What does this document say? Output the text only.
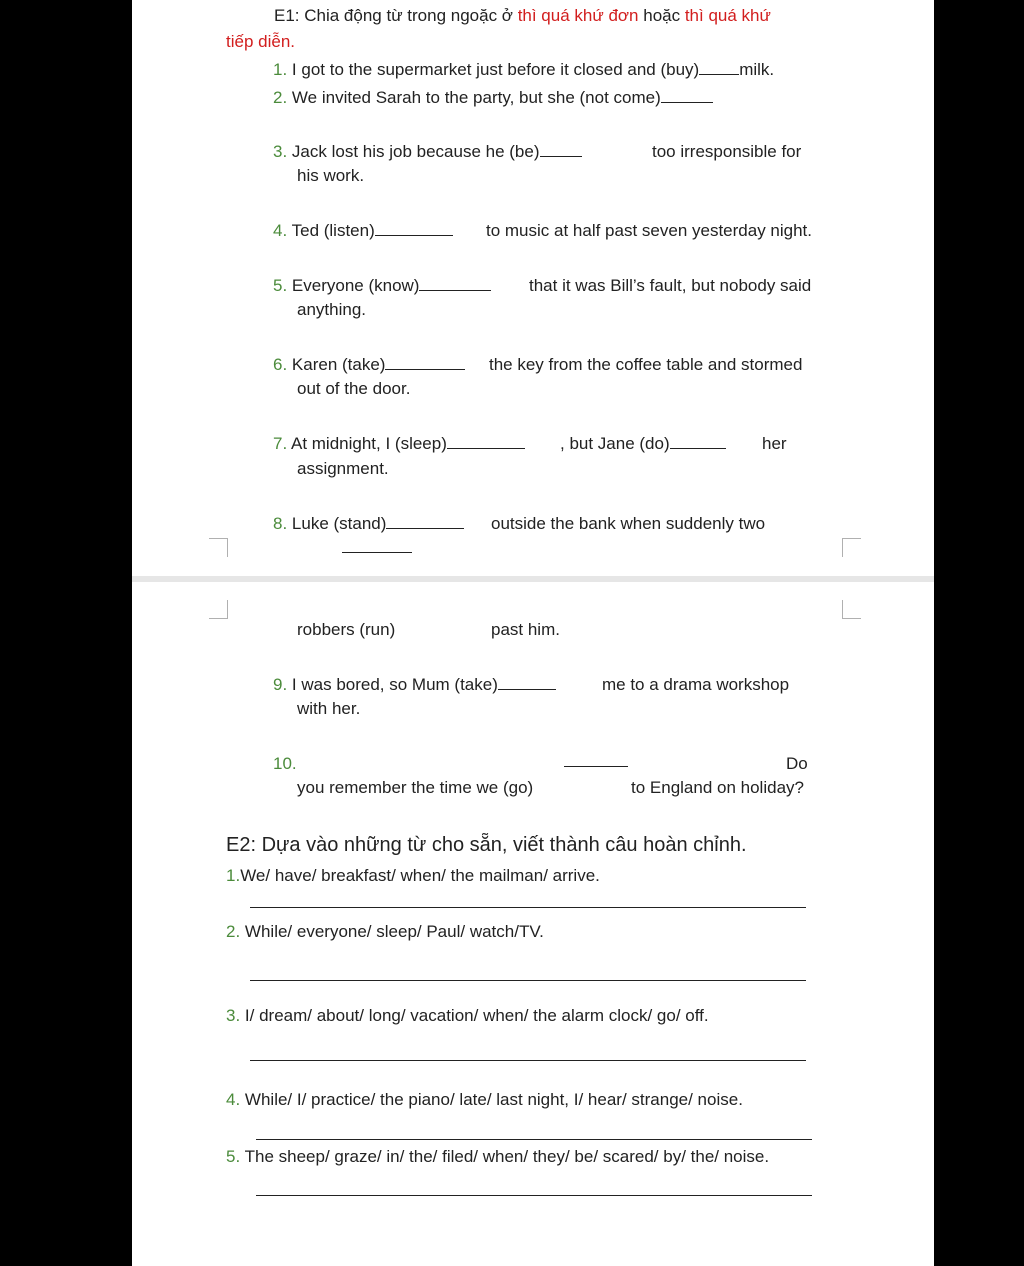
E1: Chia động từ trong ngoặc ở thì quá khứ đơn hoặc thì quá khứ
tiếp diễn.
1. I got to the supermarket just before it closed and (buy) milk.
2. We invited Sarah to the party, but she (not come)
3. Jack lost his job because he (be)	too irresponsible for
his work.
4. Ted (listen)	to music at half past seven yesterday night.
5. Everyone (know)	that it was Bill’s fault, but nobody said
anything.
6. Karen (take)	the key from the coffee table and stormed
out of the door.
7. At midnight, I (sleep)	, but Jane (do)	her
assignment.
8. Luke (stand)	outside the bank when suddenly two
robbers (run)	past him.
9. I was bored, so Mum (take)	me to a drama workshop
with her.
10.	Do
you remember the time we (go)	to England on holiday?
E2: Dựa vào những từ cho sẵn, viết thành câu hoàn chỉnh.
1.We/ have/ breakfast/ when/ the mailman/ arrive.
2. While/ everyone/ sleep/ Paul/ watch/TV.
3. I/ dream/ about/ long/ vacation/ when/ the alarm clock/ go/ off.
4. While/ I/ practice/ the piano/ late/ last night, I/ hear/ strange/ noise.
5. The sheep/ graze/ in/ the/ filed/ when/ they/ be/ scared/ by/ the/ noise.
